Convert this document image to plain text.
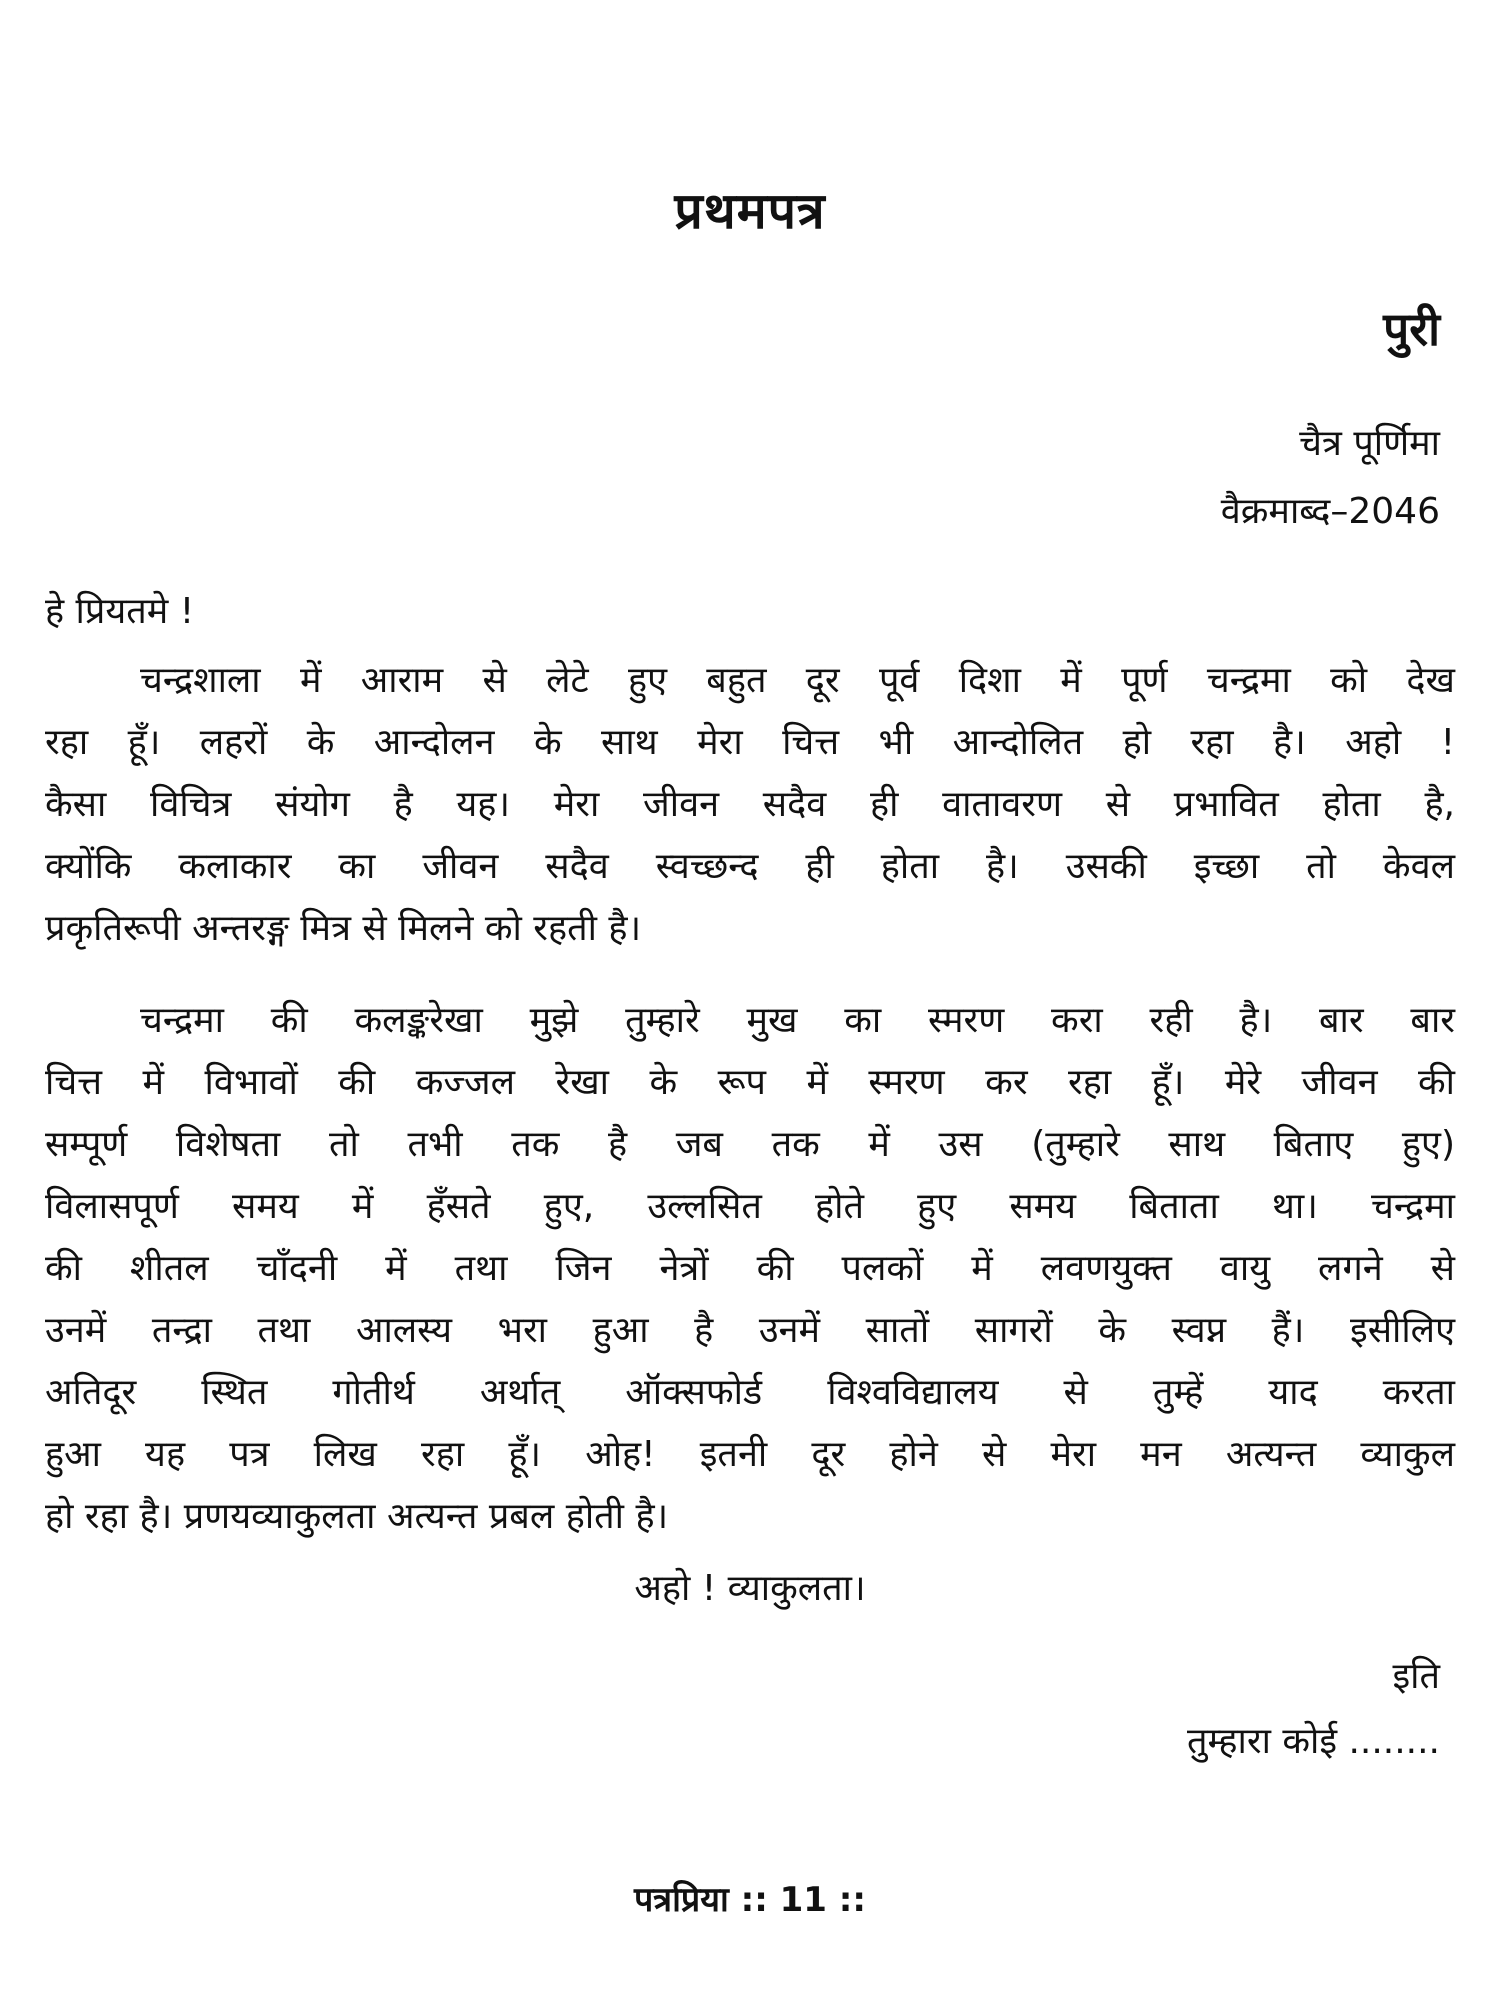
प्रथमपत्र
पुरी
चैत्र पूर्णिमा
वैक्रमाब्द–2046
हे प्रियतमे !
चन्द्रशाला में आराम से लेटे हुए बहुत दूर पूर्व दिशा में पूर्ण चन्द्रमा को देख
रहा हूँ। लहरों के आन्दोलन के साथ मेरा चित्त भी आन्दोलित हो रहा है। अहो !
कैसा विचित्र संयोग है यह। मेरा जीवन सदैव ही वातावरण से प्रभावित होता है,
क्योंकि कलाकार का जीवन सदैव स्वच्छन्द ही होता है। उसकी इच्छा तो केवल
प्रकृतिरूपी अन्तरङ्ग मित्र से मिलने को रहती है।
चन्द्रमा की कलङ्करेखा मुझे तुम्हारे मुख का स्मरण करा रही है। बार बार
चित्त में विभावों की कज्जल रेखा के रूप में स्मरण कर रहा हूँ। मेरे जीवन की
सम्पूर्ण विशेषता तो तभी तक है जब तक में उस (तुम्हारे साथ बिताए हुए)
विलासपूर्ण समय में हँसते हुए, उल्लसित होते हुए समय बिताता था। चन्द्रमा
की शीतल चाँदनी में तथा जिन नेत्रों की पलकों में लवणयुक्त वायु लगने से
उनमें तन्द्रा तथा आलस्य भरा हुआ है उनमें सातों सागरों के स्वप्न हैं। इसीलिए
अतिदूर स्थित गोतीर्थ अर्थात् ऑक्सफोर्ड विश्वविद्यालय से तुम्हें याद करता
हुआ यह पत्र लिख रहा हूँ। ओह! इतनी दूर होने से मेरा मन अत्यन्त व्याकुल
हो रहा है। प्रणयव्याकुलता अत्यन्त प्रबल होती है।
अहो ! व्याकुलता।
इति
तुम्हारा कोई ........
पत्रप्रिया :: 11 ::
